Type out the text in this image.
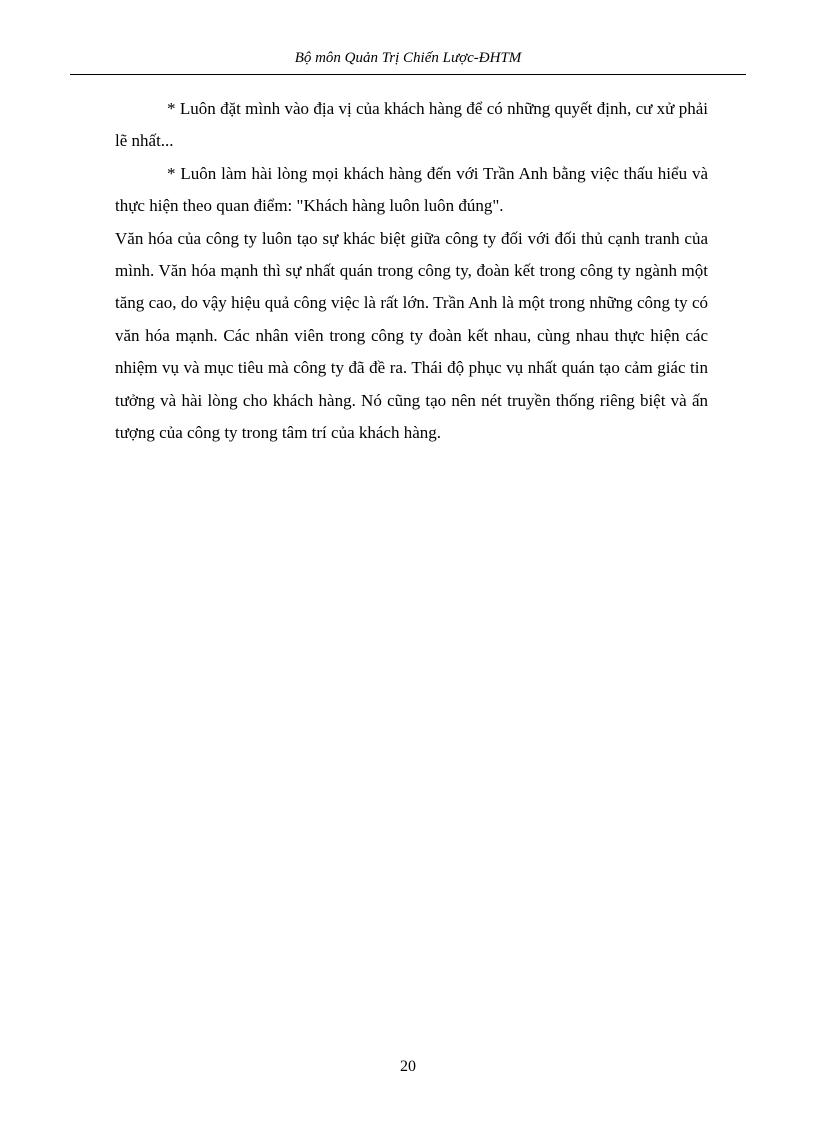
Bộ môn Quản Trị Chiến Lược-ĐHTM

* Luôn đặt mình vào địa vị của khách hàng để có những quyết định, cư xử phải lẽ nhất...

* Luôn làm hài lòng mọi khách hàng đến với Trần Anh bằng việc thấu hiểu và thực hiện theo quan điểm: "Khách hàng luôn luôn đúng".

Văn hóa của công ty luôn tạo sự khác biệt giữa công ty đối với đối thủ cạnh tranh của mình. Văn hóa mạnh thì sự nhất quán trong công ty, đoàn kết trong công ty ngành một tăng cao, do vậy hiệu quả công việc là rất lớn. Trần Anh là một trong những công ty có văn hóa mạnh. Các nhân viên trong công ty đoàn kết nhau, cùng nhau thực hiện các nhiệm vụ và mục tiêu mà công ty đã đề ra. Thái độ phục vụ nhất quán tạo cảm giác tin tưởng và hài lòng cho khách hàng. Nó cũng tạo nên nét truyền thống riêng biệt và ấn tượng của công ty trong tâm trí của khách hàng.

20
